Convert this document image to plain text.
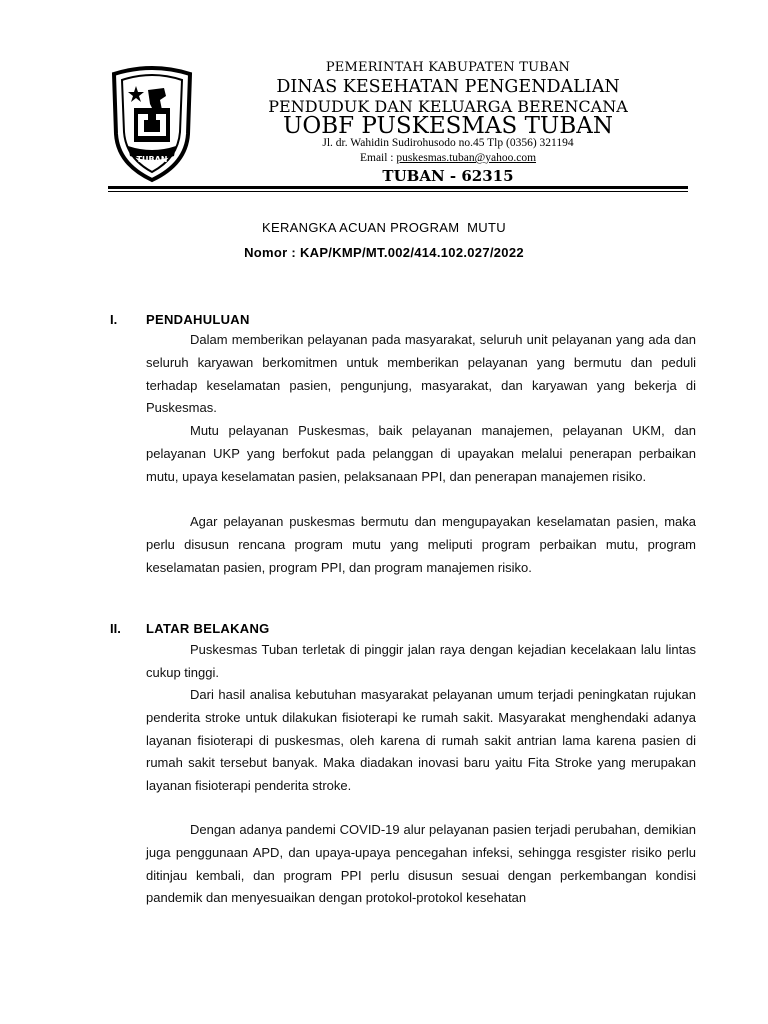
TUBAN
PEMERINTAH KABUPATEN TUBAN
DINAS KESEHATAN PENGENDALIAN
PENDUDUK DAN KELUARGA BERENCANA
UOBF PUSKESMAS TUBAN
Jl. dr. Wahidin Sudirohusodo no.45 Tlp (0356) 321194
Email : puskesmas.tuban@yahoo.com
TUBAN - 62315
KERANGKA ACUAN PROGRAM  MUTU
Nomor : KAP/KMP/MT.002/414.102.027/2022
I. PENDAHULUAN

Dalam memberikan pelayanan pada masyarakat, seluruh unit pelayanan yang ada dan seluruh karyawan berkomitmen untuk memberikan pelayanan yang bermutu dan peduli terhadap keselamatan pasien, pengunjung, masyarakat, dan karyawan yang bekerja di Puskesmas.

Mutu pelayanan Puskesmas, baik pelayanan manajemen, pelayanan UKM, dan pelayanan UKP yang berfokut pada pelanggan di upayakan melalui penerapan perbaikan mutu, upaya keselamatan pasien, pelaksanaan PPI, dan penerapan manajemen risiko.

Agar pelayanan puskesmas bermutu dan mengupayakan keselamatan pasien, maka perlu disusun rencana program mutu yang meliputi program perbaikan mutu, program keselamatan pasien, program PPI, dan program manajemen risiko.

II. LATAR BELAKANG

Puskesmas Tuban terletak di pinggir jalan raya dengan kejadian kecelakaan lalu lintas cukup tinggi.

Dari hasil analisa kebutuhan masyarakat pelayanan umum terjadi peningkatan rujukan penderita stroke untuk dilakukan fisioterapi ke rumah sakit. Masyarakat menghendaki adanya layanan fisioterapi di puskesmas, oleh karena di rumah sakit antrian lama karena pasien di rumah sakit tersebut banyak. Maka diadakan inovasi baru yaitu Fita Stroke yang merupakan layanan fisioterapi penderita stroke.

Dengan adanya pandemi COVID-19 alur pelayanan pasien terjadi perubahan, demikian juga penggunaan APD, dan upaya-upaya pencegahan infeksi, sehingga resgister risiko perlu ditinjau kembali, dan program PPI perlu disusun sesuai dengan perkembangan kondisi pandemik dan menyesuaikan dengan protokol-protokol kesehatan
